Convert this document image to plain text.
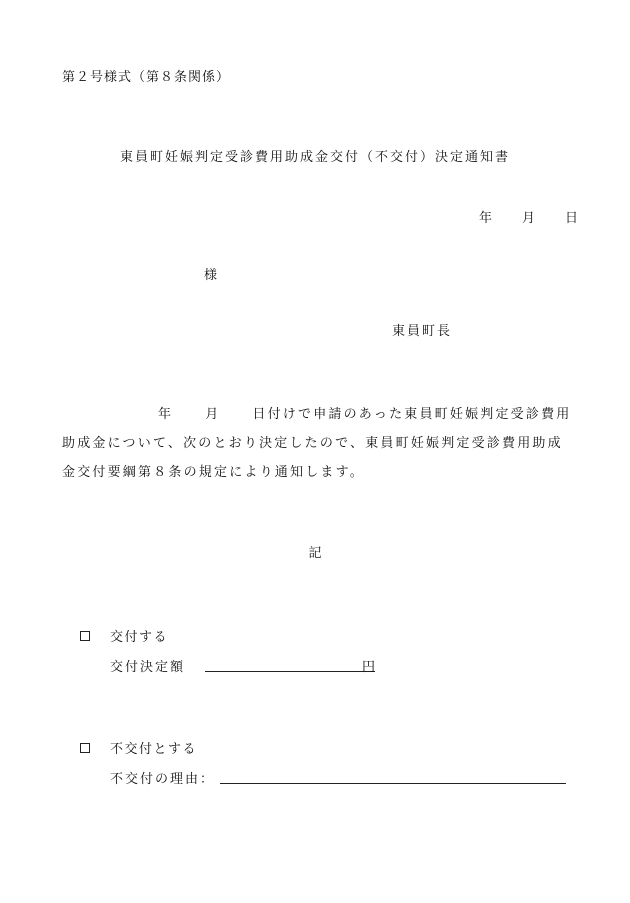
第２号様式（第８条関係）
東員町妊娠判定受診費用助成金交付（不交付）決定通知書
年 月 日
様
東員町長
年 月 日付けで申請のあった東員町妊娠判定受診費用
助成金について、次のとおり決定したので、東員町妊娠判定受診費用助成
金交付要綱第８条の規定により通知します。
記
交付する
交付決定額	円
不交付とする
不交付の理由：
